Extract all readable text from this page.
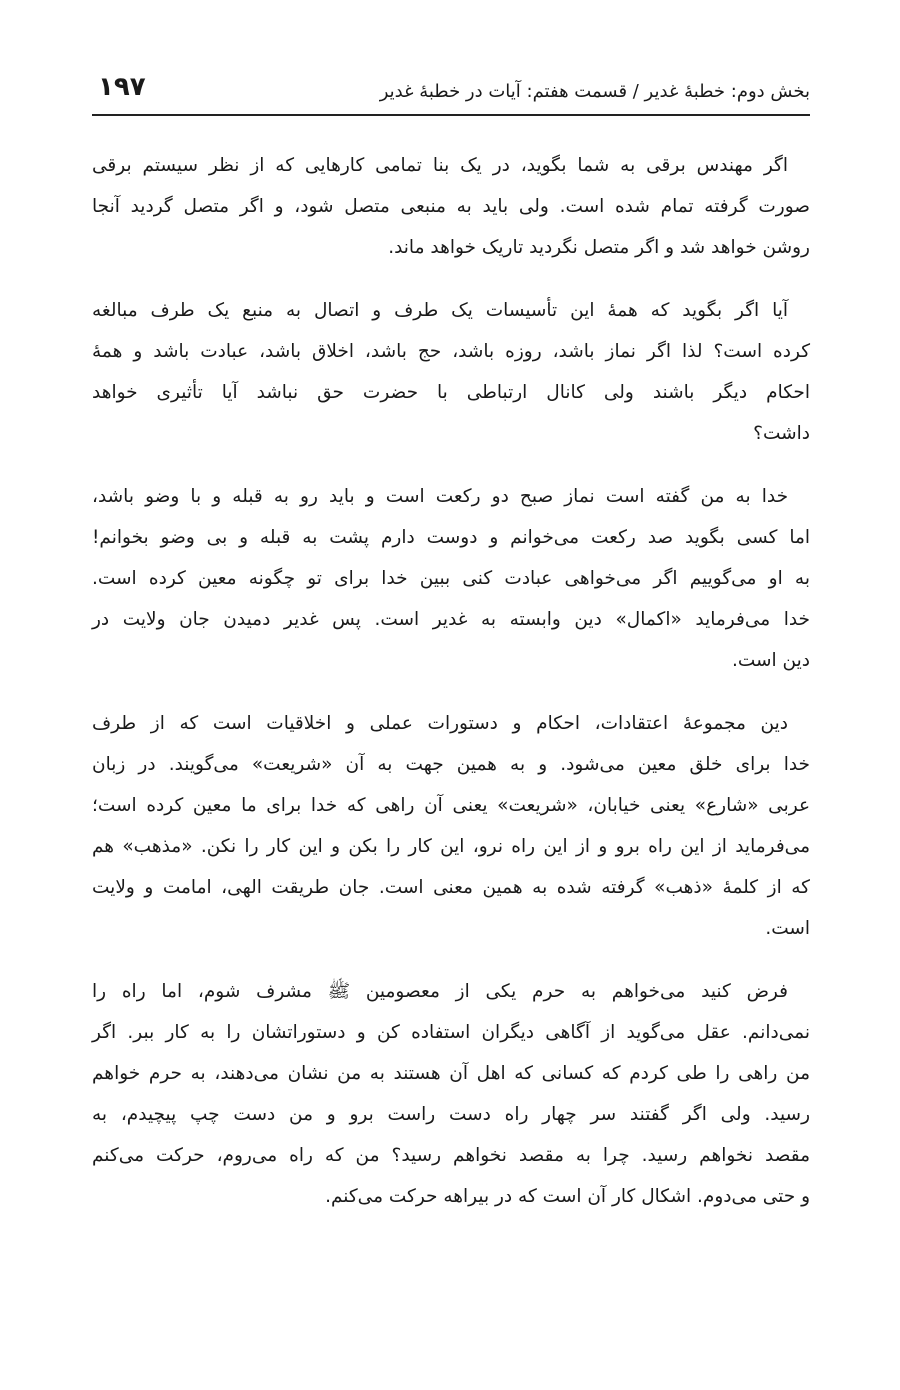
بخش دوم: خطبهٔ غدیر / قسمت هفتم: آیات در خطبهٔ غدیر
۱۹۷

اگر مهندس برقی به شما بگوید، در یک بنا تمامی کارهایی که از نظر سیستم برقی
صورت گرفته تمام شده است. ولی باید به منبعی متصل شود، و اگر متصل گردید آنجا
روشن خواهد شد و اگر متصل نگردید تاریک خواهد ماند.

آیا اگر بگوید که همهٔ این تأسیسات یک طرف و اتصال به منبع یک طرف مبالغه
کرده است؟ لذا اگر نماز باشد، روزه باشد، حج باشد، اخلاق باشد، عبادت باشد و همهٔ
احکام دیگر باشند ولی کانال ارتباطی با حضرت حق نباشد آیا تأثیری خواهد
داشت؟

خدا به من گفته است نماز صبح دو رکعت است و باید رو به قبله و با وضو باشد،
اما کسی بگوید صد رکعت می‌خوانم و دوست دارم پشت به قبله و بی وضو بخوانم!
به او می‌گوییم اگر می‌خواهی عبادت کنی ببین خدا برای تو چگونه معین کرده است.
خدا می‌فرماید «اکمال» دین وابسته به غدیر است. پس غدیر دمیدن جان ولایت در
دین است.

دین مجموعهٔ اعتقادات، احکام و دستورات عملی و اخلاقیات است که از طرف
خدا برای خلق معین می‌شود. و به همین جهت به آن «شریعت» می‌گویند. در زبان
عربی «شارع» یعنی خیابان، «شریعت» یعنی آن راهی که خدا برای ما معین کرده است؛
می‌فرماید از این راه برو و از این راه نرو، این کار را بکن و این کار را نکن. «مذهب» هم
که از کلمهٔ «ذهب» گرفته شده به همین معنی است. جان طریقت الهی، امامت و ولایت
است.

فرض کنید می‌خواهم به حرم یکی از معصومین ﷺ مشرف شوم، اما راه را
نمی‌دانم. عقل می‌گوید از آگاهی دیگران استفاده کن و دستوراتشان را به کار ببر. اگر
من راهی را طی کردم که کسانی که اهل آن هستند به من نشان می‌دهند، به حرم خواهم
رسید. ولی اگر گفتند سر چهار راه دست راست برو و من دست چپ پیچیدم، به
مقصد نخواهم رسید. چرا به مقصد نخواهم رسید؟ من که راه می‌روم، حرکت می‌کنم
و حتی می‌دوم. اشکال کار آن است که در بیراهه حرکت می‌کنم.
